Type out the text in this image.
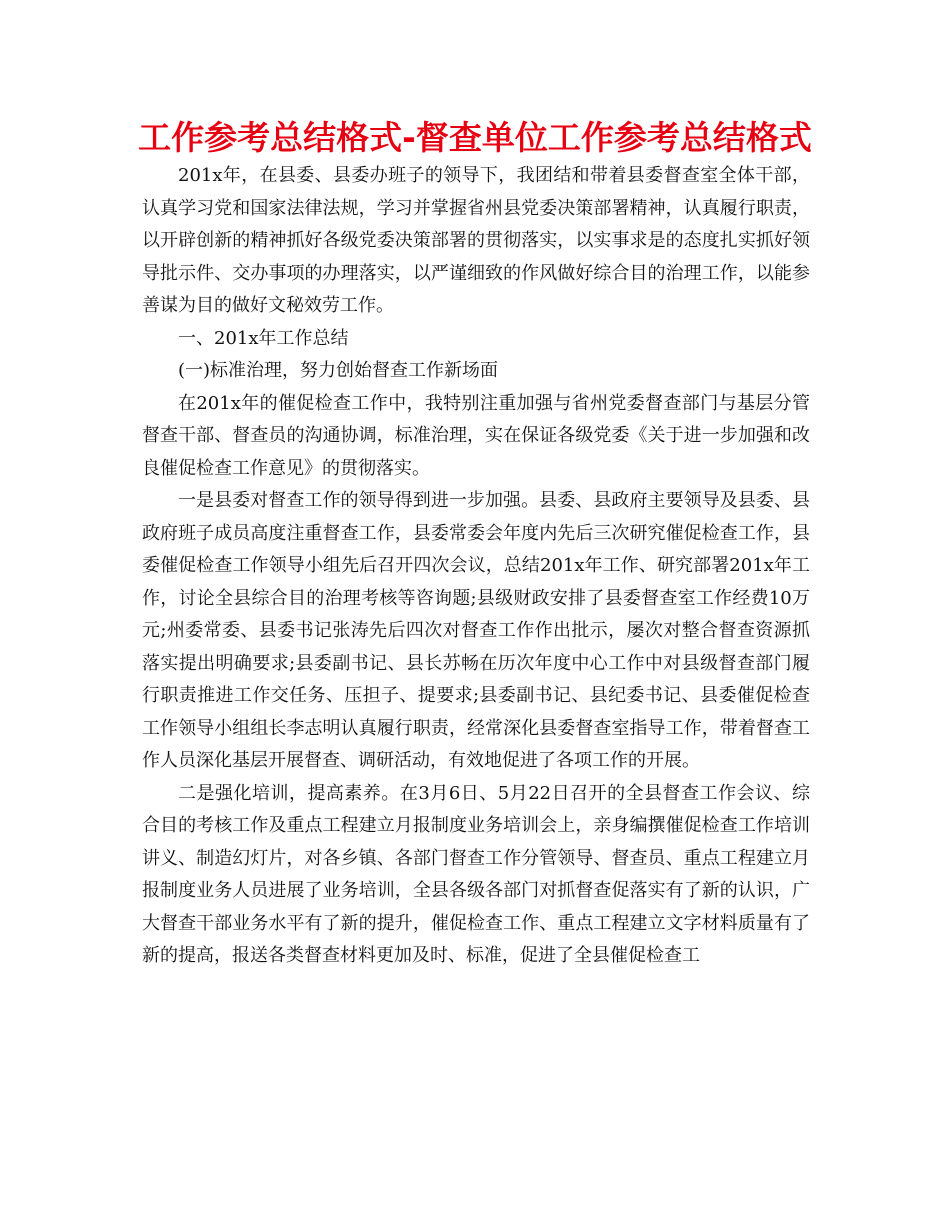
工作参考总结格式-督查单位工作参考总结格式

201x年，在县委、县委办班子的领导下，我团结和带着县委督查室全体干部，认真学习党和国家法律法规，学习并掌握省州县党委决策部署精神，认真履行职责，以开辟创新的精神抓好各级党委决策部署的贯彻落实，以实事求是的态度扎实抓好领导批示件、交办事项的办理落实，以严谨细致的作风做好综合目的治理工作，以能参善谋为目的做好文秘效劳工作。

一、201x年工作总结

(一)标准治理，努力创始督查工作新场面

在201x年的催促检查工作中，我特别注重加强与省州党委督查部门与基层分管督查干部、督查员的沟通协调，标准治理，实在保证各级党委《关于进一步加强和改良催促检查工作意见》的贯彻落实。

一是县委对督查工作的领导得到进一步加强。县委、县政府主要领导及县委、县政府班子成员高度注重督查工作，县委常委会年度内先后三次研究催促检查工作，县委催促检查工作领导小组先后召开四次会议，总结201x年工作、研究部署201x年工作，讨论全县综合目的治理考核等咨询题;县级财政安排了县委督查室工作经费10万元;州委常委、县委书记张涛先后四次对督查工作作出批示，屡次对整合督查资源抓落实提出明确要求;县委副书记、县长苏畅在历次年度中心工作中对县级督查部门履行职责推进工作交任务、压担子、提要求;县委副书记、县纪委书记、县委催促检查工作领导小组组长李志明认真履行职责，经常深化县委督查室指导工作，带着督查工作人员深化基层开展督查、调研活动，有效地促进了各项工作的开展。

二是强化培训，提高素养。在3月6日、5月22日召开的全县督查工作会议、综合目的考核工作及重点工程建立月报制度业务培训会上，亲身编撰催促检查工作培训讲义、制造幻灯片，对各乡镇、各部门督查工作分管领导、督查员、重点工程建立月报制度业务人员进展了业务培训，全县各级各部门对抓督查促落实有了新的认识，广大督查干部业务水平有了新的提升，催促检查工作、重点工程建立文字材料质量有了新的提高，报送各类督查材料更加及时、标准，促进了全县催促检查工
